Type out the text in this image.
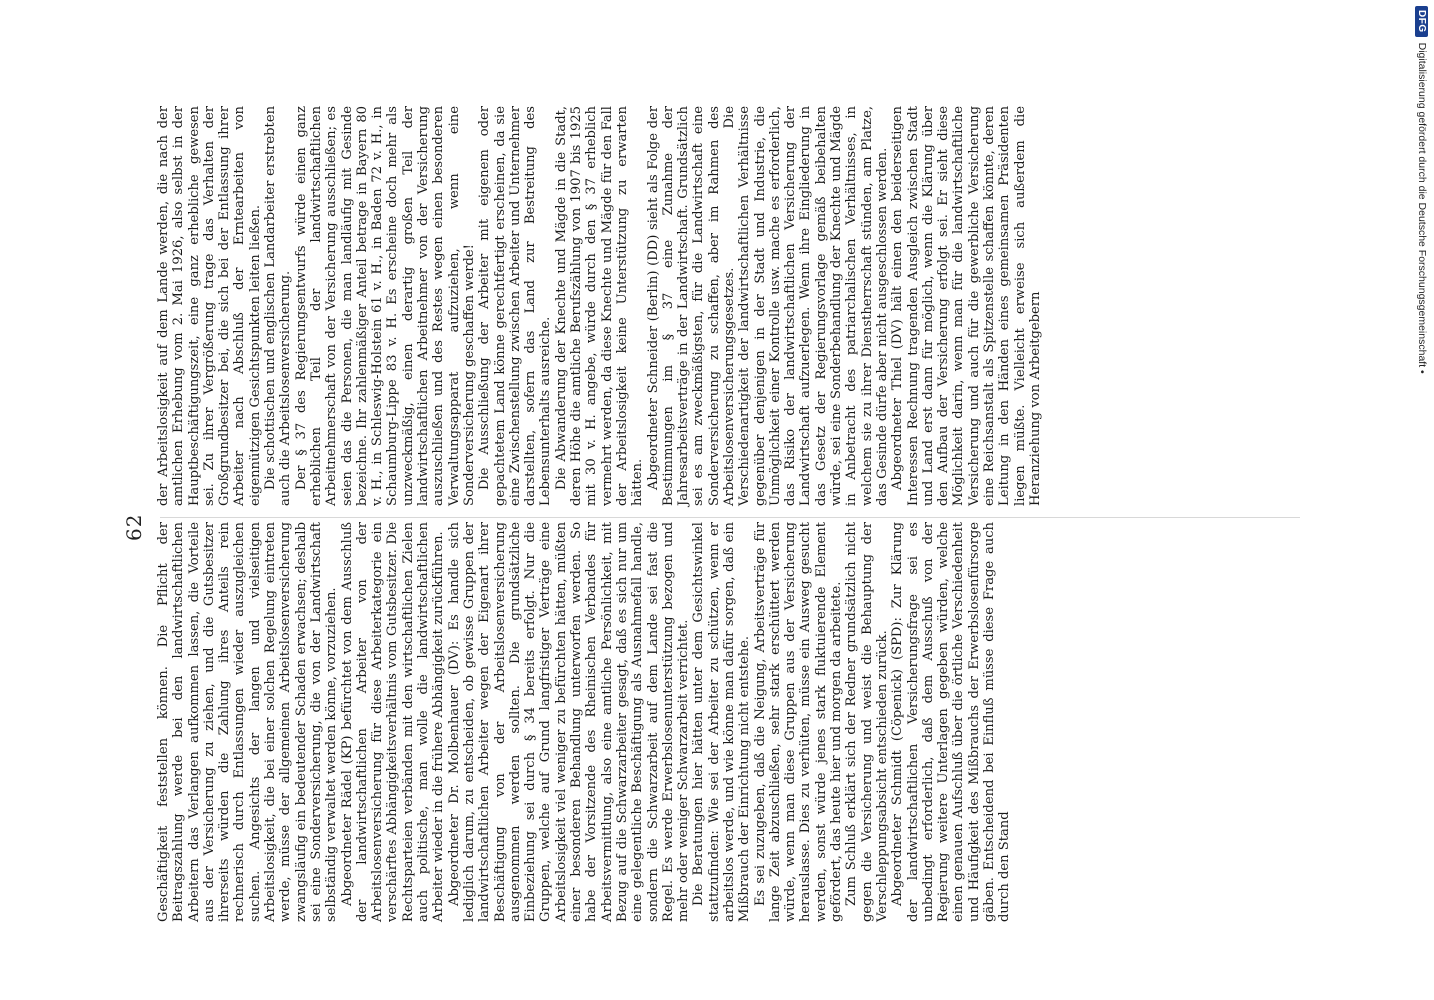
62 Geschäftigkeit feststellen können. Die Pflicht der Beitragszahlung werde bei den landwirtschaftlichen Arbeitern das Verlangen aufkommen lassen, die Vorteile aus der Versicherung zu ziehen, und die Gutsbesitzer ihrerseits würden die Zahlung ihres Anteils rein rechnerisch durch Entlassungen wieder auszugleichen suchen. Angesichts der langen und vielseitigen Arbeitslosigkeit, die bei einer solchen Regelung eintreten werde, müsse der allgemeinen Arbeitslosenversicherung zwangsläufig ein bedeutender Schaden erwachsen; deshalb sei eine Sonderversicherung, die von der Landwirtschaft selbständig verwaltet werden könne, vorzuziehen. Abgeordneter Rädel (KP) befürchtet von dem Ausschluß der landwirtschaftlichen Arbeiter von der Arbeitslosenversicherung für diese Arbeiterkategorie ein verschärftes Abhängigkeitsverhältnis vom Gutsbesitzer. Die Rechtsparteien verbänden mit den wirtschaftlichen Zielen auch politische, man wolle die landwirtschaftlichen Arbeiter wieder in die frühere Abhängigkeit zurückführen. Abgeordneter Dr. Molbenhauer (DV): Es handle sich lediglich darum, zu entscheiden, ob gewisse Gruppen der landwirtschaftlichen Arbeiter wegen der Eigenart ihrer Beschäftigung von der Arbeitslosenversicherung ausgenommen werden sollten. Die grundsätzliche Einbeziehung sei durch § 34 bereits erfolgt. Nur die Gruppen, welche auf Grund langfristiger Verträge eine Arbeitslosigkeit viel weniger zu befürchten hätten, müßten einer besonderen Behandlung unterworfen werden. So habe der Vorsitzende des Rheinischen Verbandes für Arbeitsvermittlung, also eine amtliche Persönlichkeit, mit Bezug auf die Schwarzarbeiter gesagt, daß es sich nur um eine gelegentliche Beschäftigung als Ausnahmefall handle, sondern die Schwarzarbeit auf dem Lande sei fast die Regel. Es werde Erwerbslosenunterstützung bezogen und mehr oder weniger Schwarzarbeit verrichtet. Die Beratungen hier hätten unter dem Gesichtswinkel stattzufinden: Wie sei der Arbeiter zu schützen, wenn er arbeitslos werde, und wie könne man dafür sorgen, daß ein Mißbrauch der Einrichtung nicht entstehe. Es sei zuzugeben, daß die Neigung, Arbeitsverträge für lange Zeit abzuschließen, sehr stark erschüttert werden würde, wenn man diese Gruppen aus der Versicherung herauslasse. Dies zu verhüten, müsse ein Ausweg gesucht werden, sonst würde jenes stark fluktuierende Element gefördert, das heute hier und morgen da arbeitete. Zum Schluß erklärt sich der Redner grundsätzlich nicht gegen die Versicherung und weist die Behauptung der Verschleppungsabsicht entschieden zurück. Abgeordneter Schmidt (Cöpenick) (SPD): Zur Klärung der landwirtschaftlichen Versicherungsfrage sei es unbedingt erforderlich, daß dem Ausschuß von der Regierung weitere Unterlagen gegeben würden, welche einen genauen Aufschluß über die örtliche Verschiedenheit und Häufigkeit des Mißbrauchs der Erwerbslosenfürsorge gäben. Entscheidend bei Einfluß müsse diese Frage auch durch den Stand

der Arbeitslosigkeit auf dem Lande werden, die nach der amtlichen Erhebung vom 2. Mai 1926, also selbst in der Hauptbeschäftigungszeit, eine ganz erhebliche gewesen sei. Zu ihrer Vergrößerung trage das Verhalten der Großgrundbesitzer bei, die sich bei der Entlassung ihrer Arbeiter nach Abschluß der Erntearbeiten von eigennützigen Gesichtspunkten leiten ließen. Die schottischen und englischen Landarbeiter erstrebten auch die Arbeitslosenversicherung. Der § 37 des Regierungsentwurfs würde einen ganz erheblichen Teil der landwirtschaftlichen Arbeitnehmerschaft von der Versicherung ausschließen; es seien das die Personen, die man landläufig mit Gesinde bezeichne. Ihr zahlenmäßiger Anteil betrage in Bayern 80 v. H., in Schleswig-Holstein 61 v. H., in Baden 72 v. H., in Schaumburg-Lippe 83 v. H. Es erscheine doch mehr als unzweckmäßig, einen derartig großen Teil der landwirtschaftlichen Arbeitnehmer von der Versicherung auszuschließen und des Restes wegen einen besonderen Verwaltungsapparat aufzuziehen, wenn eine Sonderversicherung geschaffen werde! Die Ausschließung der Arbeiter mit eigenem oder gepachtetem Land könne gerechtfertigt erscheinen, da sie eine Zwischenstellung zwischen Arbeiter und Unternehmer darstellten, sofern das Land zur Bestreitung des Lebensunterhalts ausreiche. Die Abwanderung der Knechte und Mägde in die Stadt, deren Höhe die amtliche Berufszählung von 1907 bis 1925 mit 30 v. H. angebe, würde durch den § 37 erheblich vermehrt werden, da diese Knechte und Mägde für den Fall der Arbeitslosigkeit keine Unterstützung zu erwarten hätten. Abgeordneter Schneider (Berlin) (DD) sieht als Folge der Bestimmungen im § 37 eine Zunahme der Jahresarbeitsverträge in der Landwirtschaft. Grundsätzlich sei es am zweckmäßigsten, für die Landwirtschaft eine Sonderversicherung zu schaffen, aber im Rahmen des Arbeitslosenversicherungsgesetzes. Die Verschiedenartigkeit der landwirtschaftlichen Verhältnisse gegenüber denjenigen in der Stadt und Industrie, die Unmöglichkeit einer Kontrolle usw. mache es erforderlich, das Risiko der landwirtschaftlichen Versicherung der Landwirtschaft aufzuerlegen. Wenn ihre Eingliederung in das Gesetz der Regierungsvorlage gemäß beibehalten würde, sei eine Sonderbehandlung der Knechte und Mägde in Anbetracht des patriarchalischen Verhältnisses, in welchem sie zu ihrer Dienstherrschaft stünden, am Platze, das Gesinde dürfe aber nicht ausgeschlossen werden. Abgeordneter Thiel (DV) hält einen den beiderseitigen Interessen Rechnung tragenden Ausgleich zwischen Stadt und Land erst dann für möglich, wenn die Klärung über den Aufbau der Versicherung erfolgt sei. Er sieht diese Möglichkeit darin, wenn man für die landwirtschaftliche Versicherung und auch für die gewerbliche Versicherung eine Reichsanstalt als Spitzenstelle schaffen könnte, deren Leitung in den Händen eines gemeinsamen Präsidenten liegen müßte. Vielleicht erweise sich außerdem die Heranziehung von Arbeitgebern

DFG
Digitalisierung gefördert durch die Deutsche Forschungsgemeinschaft •
